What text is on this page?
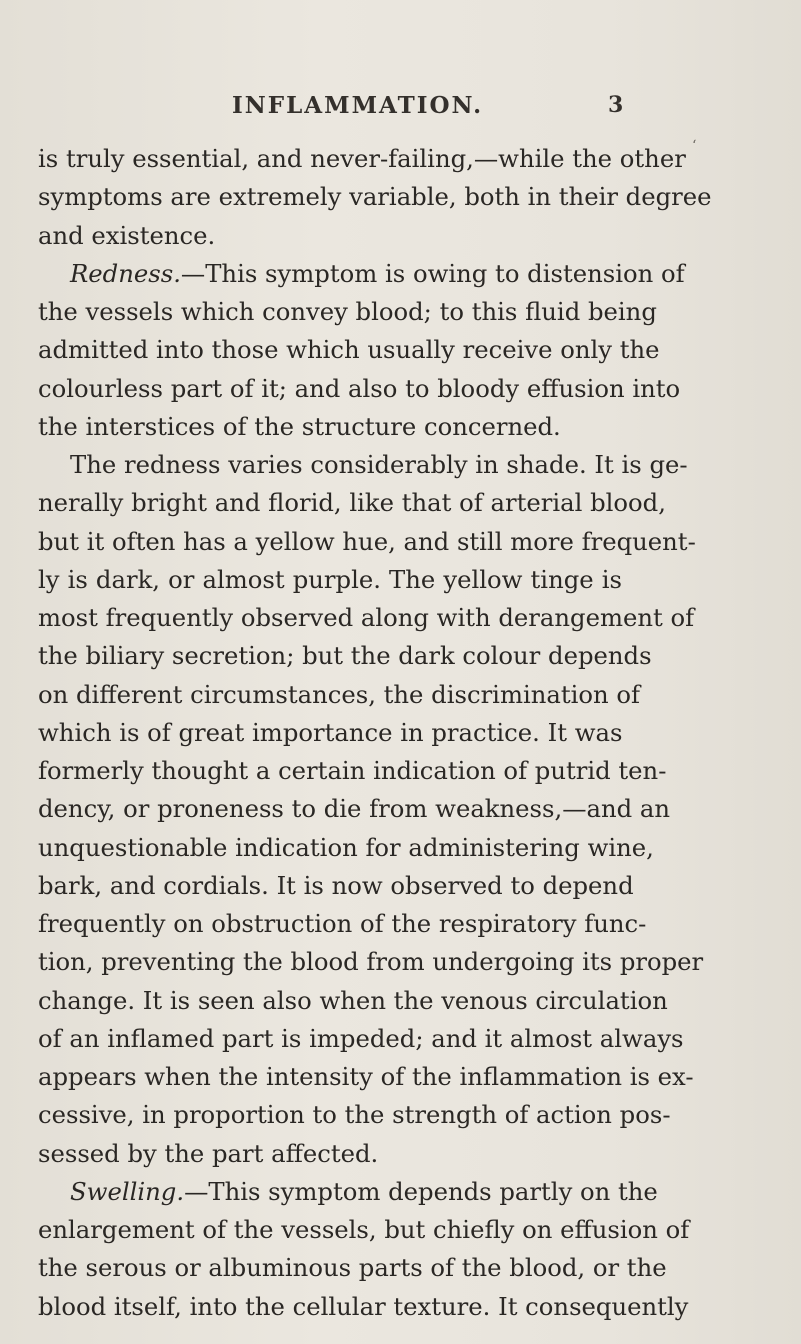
INFLAMMATION.	3
is truly essential, and never-failing,—while the other
symptoms are extremely variable, both in their degree
and existence.
Redness.—This symptom is owing to distension of
the vessels which convey blood; to this fluid being
admitted into those which usually receive only the
colourless part of it; and also to bloody effusion into
the interstices of the structure concerned.
The redness varies considerably in shade. It is ge-
nerally bright and florid, like that of arterial blood,
but it often has a yellow hue, and still more frequent-
ly is dark, or almost purple. The yellow tinge is
most frequently observed along with derangement of
the biliary secretion; but the dark colour depends
on different circumstances, the discrimination of
which is of great importance in practice. It was
formerly thought a certain indication of putrid ten-
dency, or proneness to die from weakness,—and an
unquestionable indication for administering wine,
bark, and cordials. It is now observed to depend
frequently on obstruction of the respiratory func-
tion, preventing the blood from undergoing its proper
change. It is seen also when the venous circulation
of an inflamed part is impeded; and it almost always
appears when the intensity of the inflammation is ex-
cessive, in proportion to the strength of action pos-
sessed by the part affected.
Swelling.—This symptom depends partly on the
enlargement of the vessels, but chiefly on effusion of
the serous or albuminous parts of the blood, or the
blood itself, into the cellular texture. It consequently
ʻ
